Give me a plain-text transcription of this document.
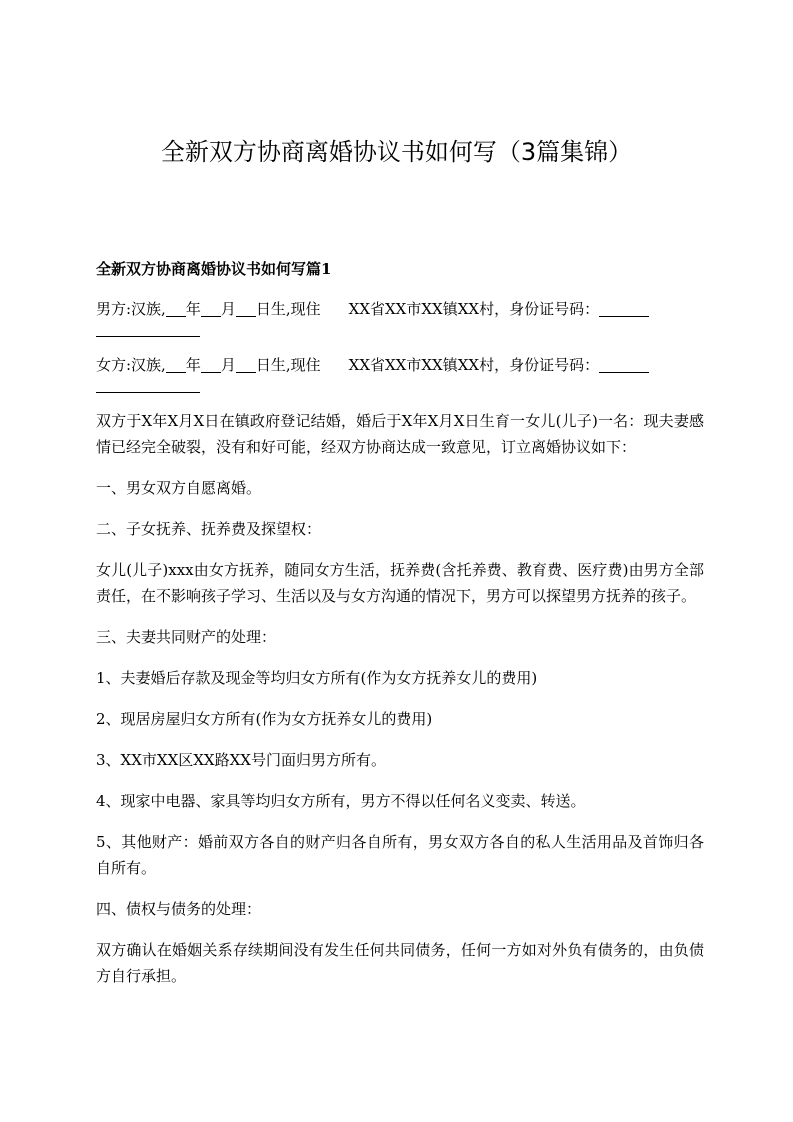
全新双方协商离婚协议书如何写（3篇集锦）
全新双方协商离婚协议书如何写篇1
男方:汉族, 年 月 日生,现住 XX省XX市XX镇XX村，身份证号码：
女方:汉族, 年 月 日生,现住 XX省XX市XX镇XX村，身份证号码：
双方于X年X月X日在镇政府登记结婚，婚后于X年X月X日生育一女儿(儿子)一名：现夫妻感情已经完全破裂，没有和好可能，经双方协商达成一致意见，订立离婚协议如下：
一、男女双方自愿离婚。
二、子女抚养、抚养费及探望权：
女儿(儿子)xxx由女方抚养，随同女方生活，抚养费(含托养费、教育费、医疗费)由男方全部责任，在不影响孩子学习、生活以及与女方沟通的情况下，男方可以探望男方抚养的孩子。
三、夫妻共同财产的处理：
1、夫妻婚后存款及现金等均归女方所有(作为女方抚养女儿的费用)
2、现居房屋归女方所有(作为女方抚养女儿的费用)
3、XX市XX区XX路XX号门面归男方所有。
4、现家中电器、家具等均归女方所有，男方不得以任何名义变卖、转送。
5、其他财产：婚前双方各自的财产归各自所有，男女双方各自的私人生活用品及首饰归各自所有。
四、债权与债务的处理：
双方确认在婚姻关系存续期间没有发生任何共同债务，任何一方如对外负有债务的，由负债方自行承担。
